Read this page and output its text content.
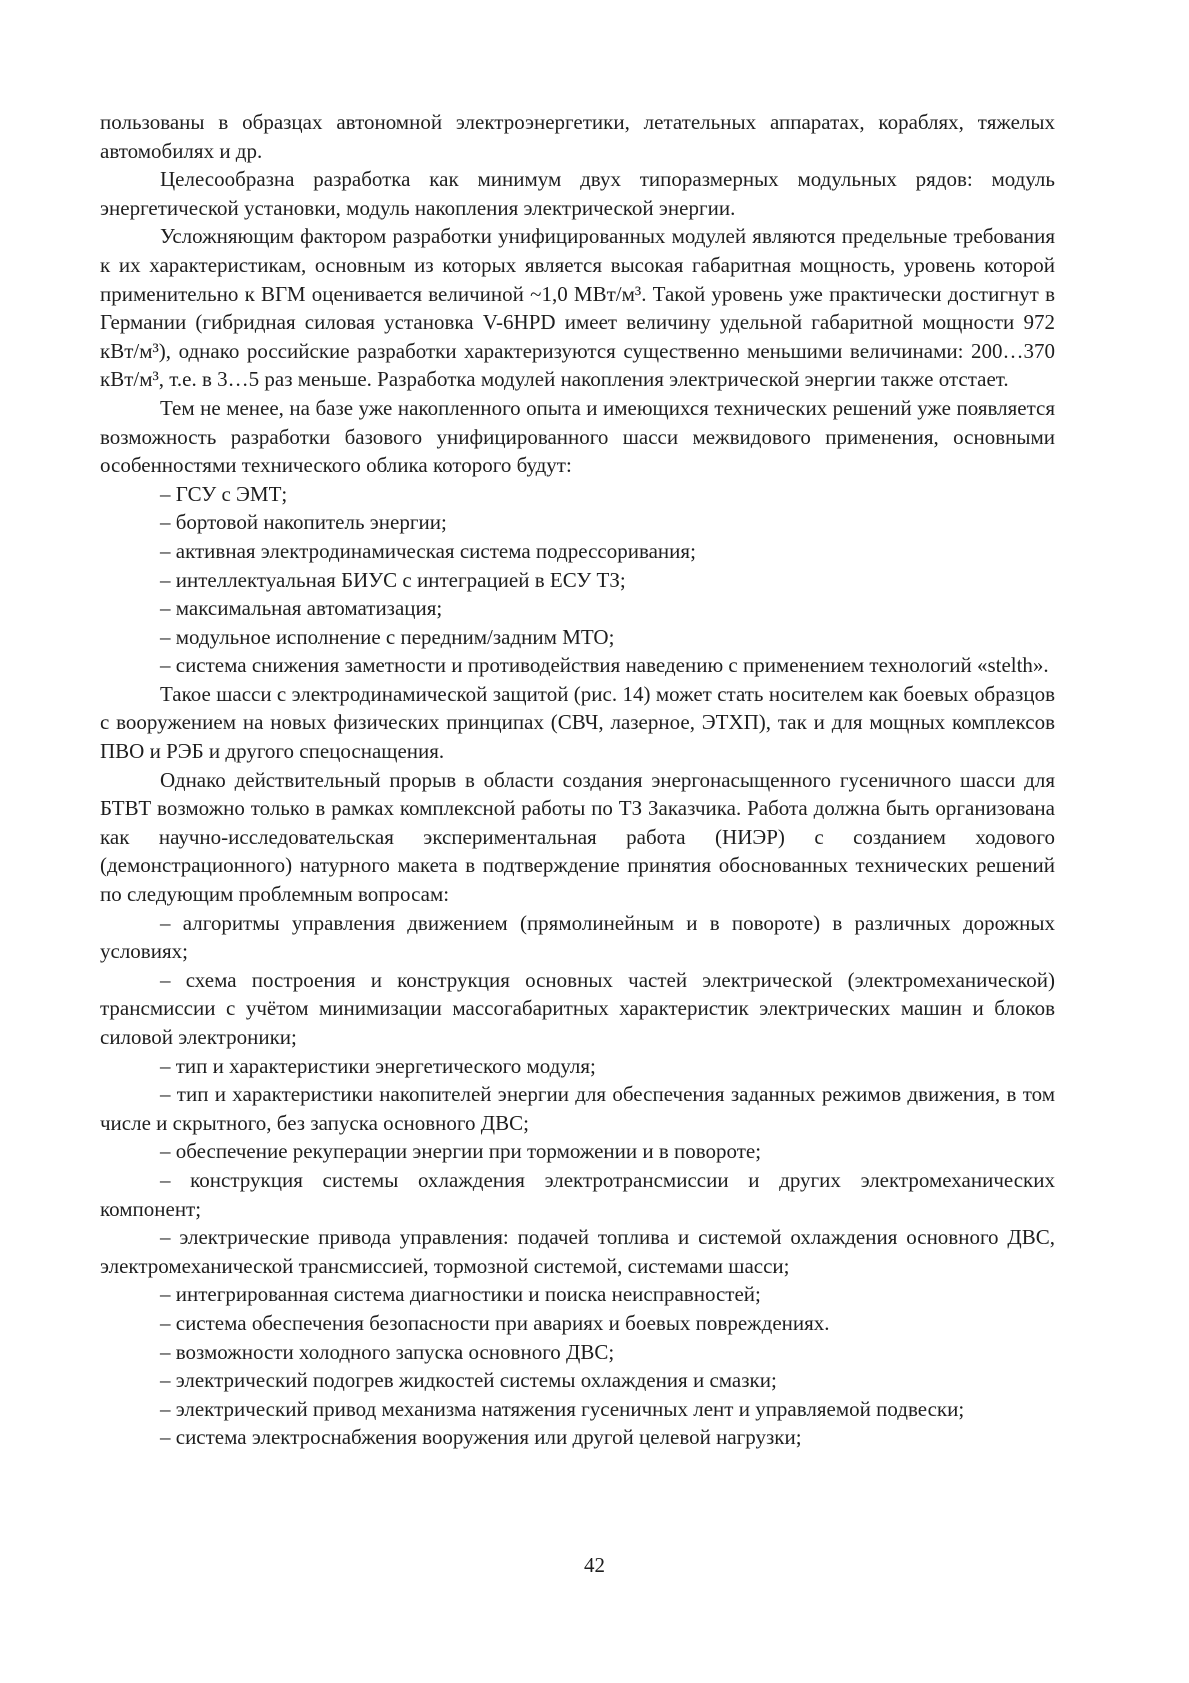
пользованы в образцах автономной электроэнергетики, летательных аппаратах, кораблях, тяжелых автомобилях и др.

Целесообразна разработка как минимум двух типоразмерных модульных рядов: модуль энергетической установки, модуль накопления электрической энергии.

Усложняющим фактором разработки унифицированных модулей являются предельные требования к их характеристикам, основным из которых является высокая габаритная мощность, уровень которой применительно к ВГМ оценивается величиной ~1,0 МВт/м³. Такой уровень уже практически достигнут в Германии (гибридная силовая установка V-6HPD имеет величину удельной габаритной мощности 972 кВт/м³), однако российские разработки характеризуются существенно меньшими величинами: 200…370 кВт/м³, т.е. в 3…5 раз меньше. Разработка модулей накопления электрической энергии также отстает.

Тем не менее, на базе уже накопленного опыта и имеющихся технических решений уже появляется возможность разработки базового унифицированного шасси межвидового применения, основными особенностями технического облика которого будут:

– ГСУ с ЭМТ;

– бортовой накопитель энергии;

– активная электродинамическая система подрессоривания;

– интеллектуальная БИУС с интеграцией в ЕСУ ТЗ;

– максимальная автоматизация;

– модульное исполнение с передним/задним МТО;

– система снижения заметности и противодействия наведению с применением технологий «stelth».

Такое шасси с электродинамической защитой (рис. 14) может стать носителем как боевых образцов с вооружением на новых физических принципах (СВЧ, лазерное, ЭТХП), так и для мощных комплексов ПВО и РЭБ и другого спецоснащения.

Однако действительный прорыв в области создания энергонасыщенного гусеничного шасси для БТВТ возможно только в рамках комплексной работы по ТЗ Заказчика. Работа должна быть организована как научно-исследовательская экспериментальная работа (НИЭР) с созданием ходового (демонстрационного) натурного макета в подтверждение принятия обоснованных технических решений по следующим проблемным вопросам:

– алгоритмы управления движением (прямолинейным и в повороте) в различных дорожных условиях;

– схема построения и конструкция основных частей электрической (электромеханической) трансмиссии с учётом минимизации массогабаритных характеристик электрических машин и блоков силовой электроники;

– тип и характеристики энергетического модуля;

– тип и характеристики накопителей энергии для обеспечения заданных режимов движения, в том числе и скрытного, без запуска основного ДВС;

– обеспечение рекуперации энергии при торможении и в повороте;

– конструкция системы охлаждения электротрансмиссии и других электромеханических компонент;

– электрические привода управления: подачей топлива и системой охлаждения основного ДВС, электромеханической трансмиссией, тормозной системой, системами шасси;

– интегрированная система диагностики и поиска неисправностей;

– система обеспечения безопасности при авариях и боевых повреждениях.

– возможности холодного запуска основного ДВС;

– электрический подогрев жидкостей системы охлаждения и смазки;

– электрический привод механизма натяжения гусеничных лент и управляемой подвески;

– система электроснабжения вооружения или другой целевой нагрузки;

42
